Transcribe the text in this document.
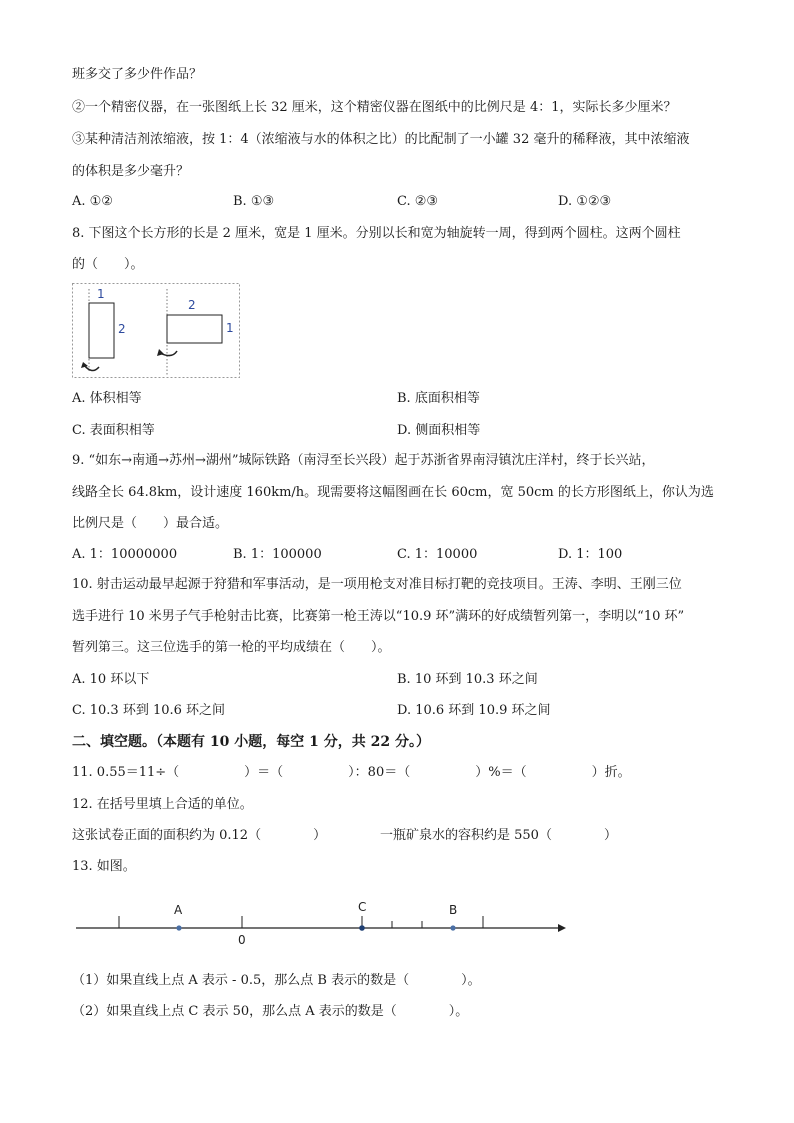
班多交了多少件作品？
②一个精密仪器，在一张图纸上长 32 厘米，这个精密仪器在图纸中的比例尺是 4：1，实际长多少厘米？
③某种清洁剂浓缩液，按 1：4（浓缩液与水的体积之比）的比配制了一小罐 32 毫升的稀释液，其中浓缩液
的体积是多少毫升？
A. ①②	B. ①③	C. ②③	D. ①②③
8. 下图这个长方形的长是 2 厘米，宽是 1 厘米。分别以长和宽为轴旋转一周，得到两个圆柱。这两个圆柱
的（　　）。
1
2
2
1
A. 体积相等	B. 底面积相等
C. 表面积相等	D. 侧面积相等
9. “如东→南通→苏州→湖州”城际铁路（南浔至长兴段）起于苏浙省界南浔镇沈庄洋村，终于长兴站，
线路全长 64.8km，设计速度 160km/h。现需要将这幅图画在长 60cm，宽 50cm 的长方形图纸上，你认为选
比例尺是（　　）最合适。
A. 1：10000000	B. 1：100000	C. 1：10000	D. 1：100
10. 射击运动最早起源于狩猎和军事活动，是一项用枪支对准目标打靶的竞技项目。王涛、李明、王刚三位
选手进行 10 米男子气手枪射击比赛，比赛第一枪王涛以“10.9 环”满环的好成绩暂列第一，李明以“10 环”
暂列第三。这三位选手的第一枪的平均成绩在（　　）。
A. 10 环以下	B. 10 环到 10.3 环之间
C. 10.3 环到 10.6 环之间	D. 10.6 环到 10.9 环之间
二、填空题。（本题有 10 小题，每空 1 分，共 22 分。）
11. 0.55＝11÷（　　　　　）＝（　　　　　）：80＝（　　　　　）%＝（　　　　　）折。
12. 在括号里填上合适的单位。
这张试卷正面的面积约为 0.12（　　　　）	一瓶矿泉水的容积约是 550（　　　　）
13. 如图。
A	C	B
0
（1）如果直线上点 A 表示 - 0.5，那么点 B 表示的数是（　　　　）。
（2）如果直线上点 C 表示 50，那么点 A 表示的数是（　　　　）。
